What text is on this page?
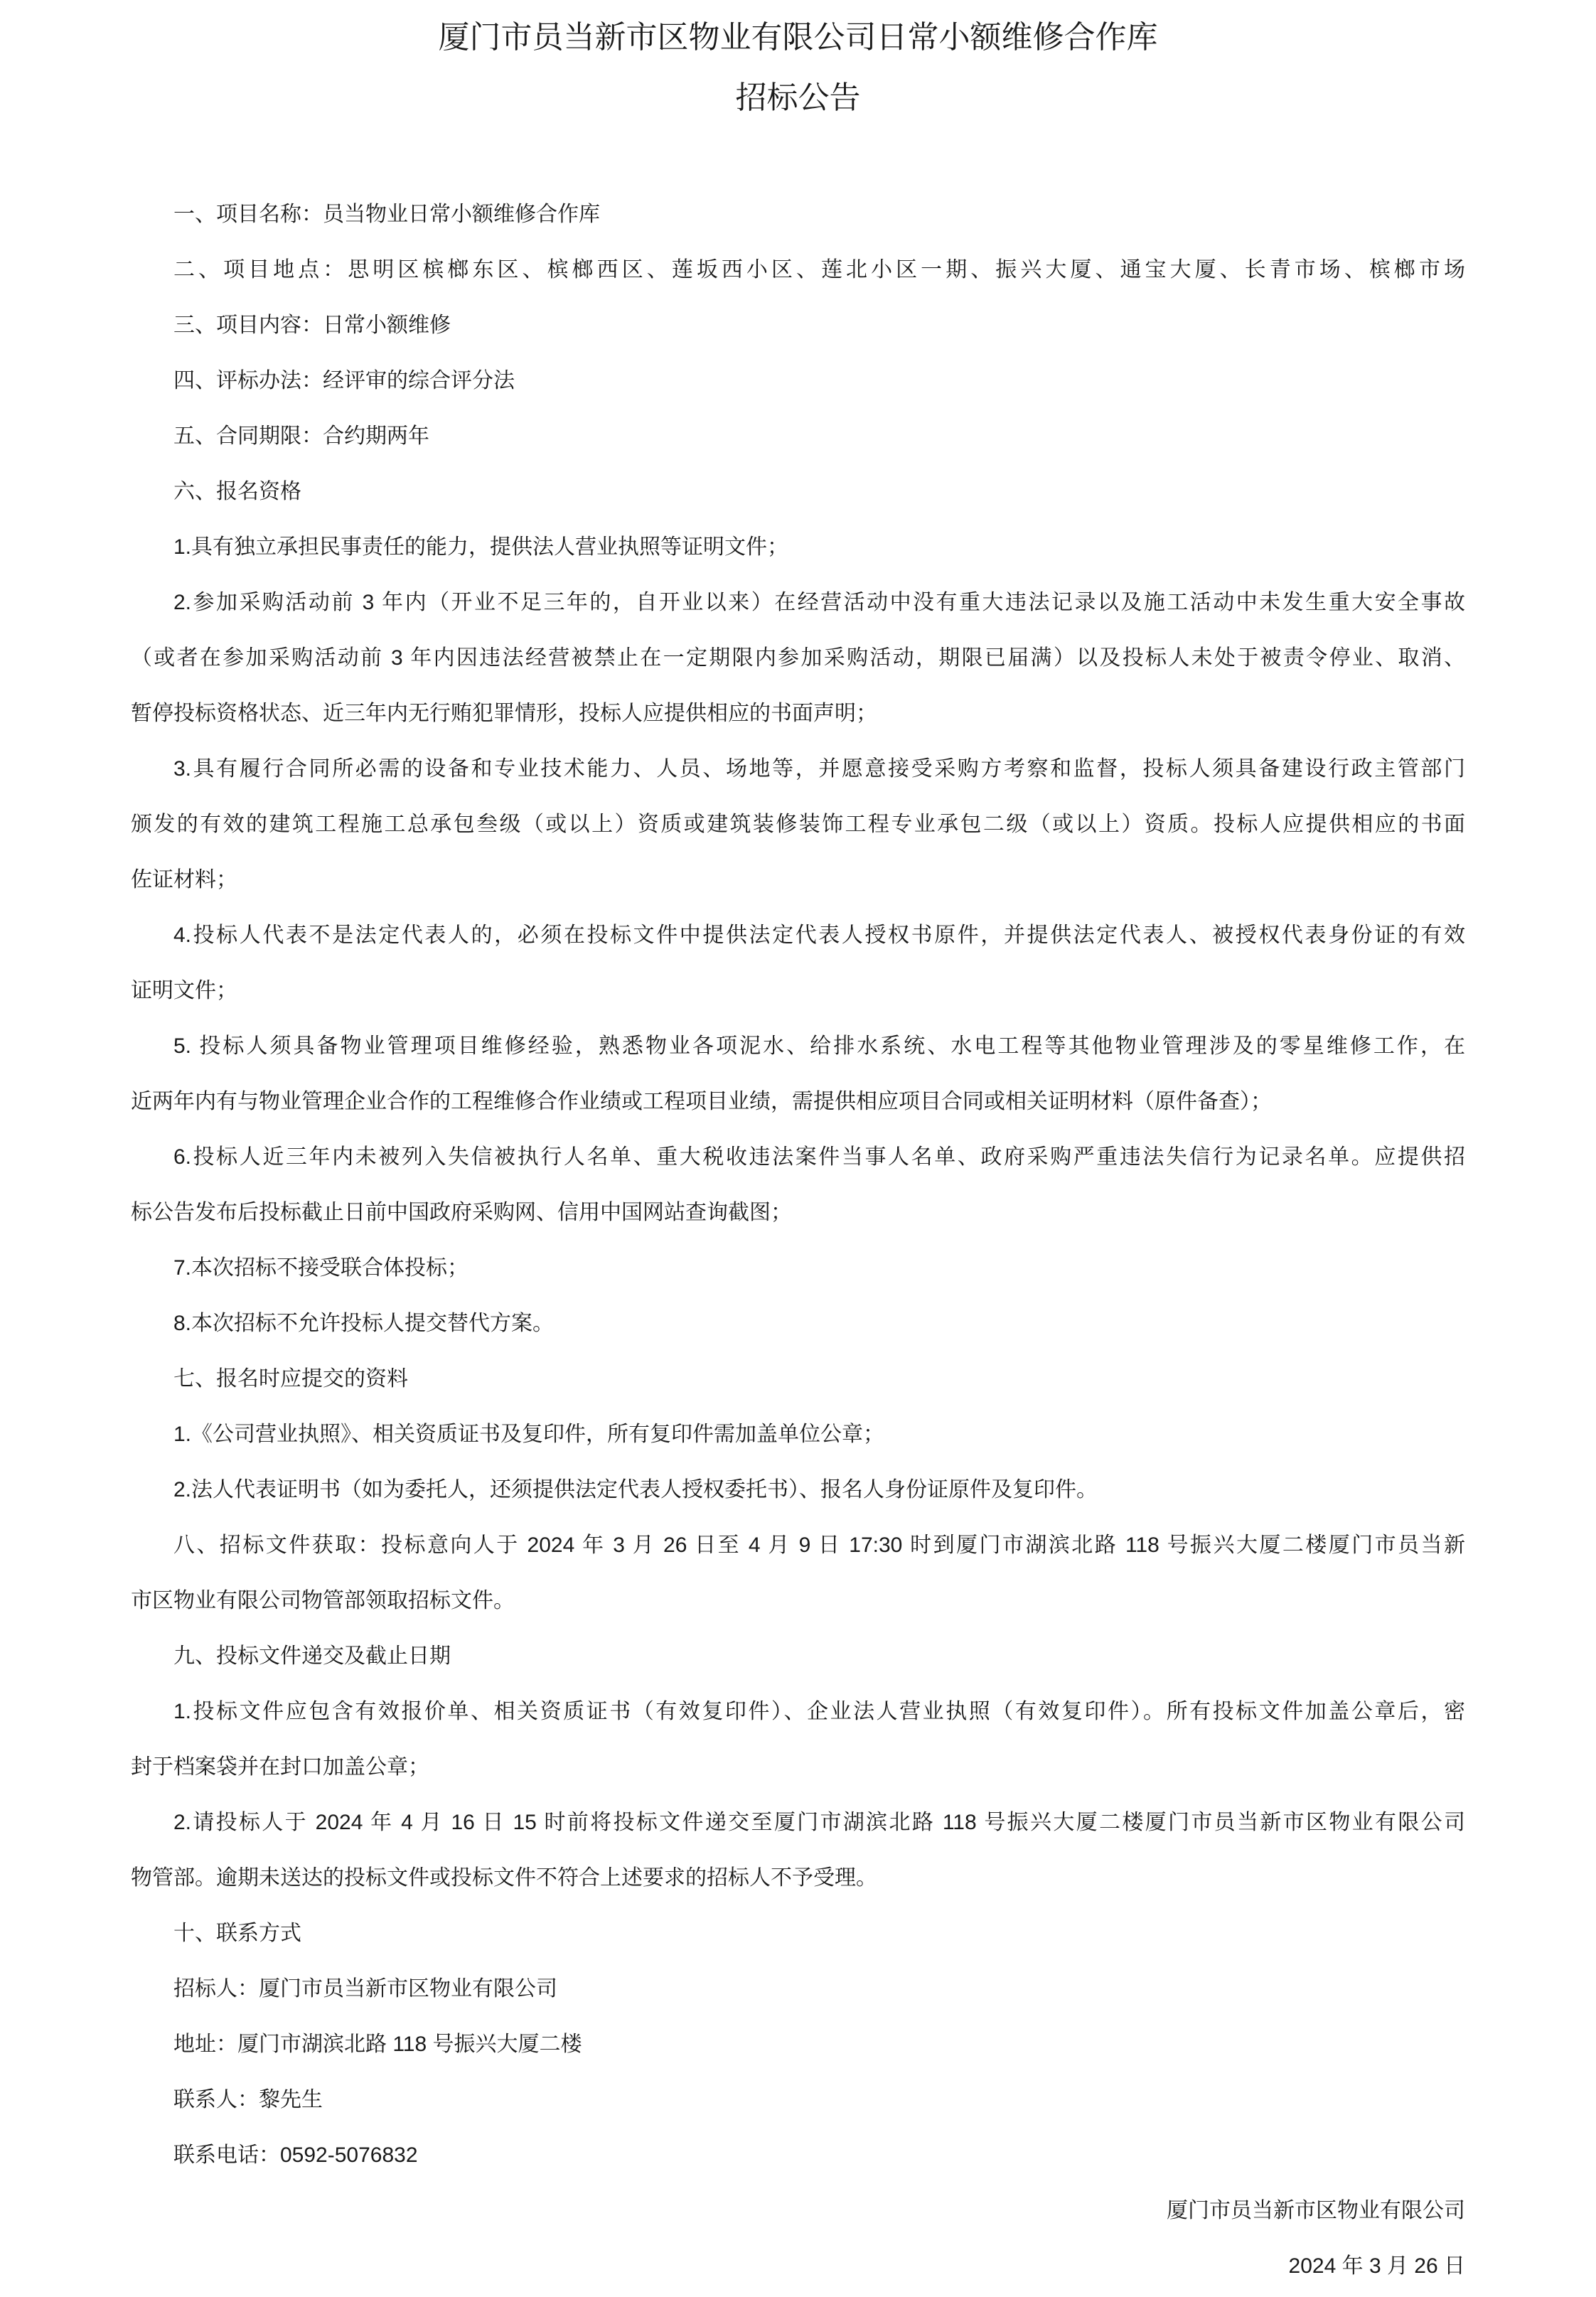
厦门市员当新市区物业有限公司日常小额维修合作库
招标公告
一、项目名称：员当物业日常小额维修合作库
二、项目地点：思明区槟榔东区、槟榔西区、莲坂西小区、莲北小区一期、振兴大厦、通宝大厦、长青市场、槟榔市场
三、项目内容：日常小额维修
四、评标办法：经评审的综合评分法
五、合同期限：合约期两年
六、报名资格
1.具有独立承担民事责任的能力，提供法人营业执照等证明文件；
2.参加采购活动前 3 年内（开业不足三年的，自开业以来）在经营活动中没有重大违法记录以及施工活动中未发生重大安全事故
（或者在参加采购活动前 3 年内因违法经营被禁止在一定期限内参加采购活动，期限已届满）以及投标人未处于被责令停业、取消、
暂停投标资格状态、近三年内无行贿犯罪情形，投标人应提供相应的书面声明；
3.具有履行合同所必需的设备和专业技术能力、人员、场地等，并愿意接受采购方考察和监督，投标人须具备建设行政主管部门
颁发的有效的建筑工程施工总承包叁级（或以上）资质或建筑装修装饰工程专业承包二级（或以上）资质。投标人应提供相应的书面
佐证材料；
4.投标人代表不是法定代表人的，必须在投标文件中提供法定代表人授权书原件，并提供法定代表人、被授权代表身份证的有效
证明文件；
5. 投标人须具备物业管理项目维修经验，熟悉物业各项泥水、给排水系统、水电工程等其他物业管理涉及的零星维修工作，在
近两年内有与物业管理企业合作的工程维修合作业绩或工程项目业绩，需提供相应项目合同或相关证明材料（原件备查）；
6.投标人近三年内未被列入失信被执行人名单、重大税收违法案件当事人名单、政府采购严重违法失信行为记录名单。应提供招
标公告发布后投标截止日前中国政府采购网、信用中国网站查询截图；
7.本次招标不接受联合体投标；
8.本次招标不允许投标人提交替代方案。
七、报名时应提交的资料
1.《公司营业执照》、相关资质证书及复印件，所有复印件需加盖单位公章；
2.法人代表证明书（如为委托人，还须提供法定代表人授权委托书）、报名人身份证原件及复印件。
八、招标文件获取：投标意向人于 2024 年 3 月 26 日至 4 月 9 日 17:30 时到厦门市湖滨北路 118 号振兴大厦二楼厦门市员当新
市区物业有限公司物管部领取招标文件。
九、投标文件递交及截止日期
1.投标文件应包含有效报价单、相关资质证书（有效复印件）、企业法人营业执照（有效复印件）。所有投标文件加盖公章后，密
封于档案袋并在封口加盖公章；
2.请投标人于 2024 年 4 月 16 日 15 时前将投标文件递交至厦门市湖滨北路 118 号振兴大厦二楼厦门市员当新市区物业有限公司
物管部。逾期未送达的投标文件或投标文件不符合上述要求的招标人不予受理。
十、联系方式
招标人：厦门市员当新市区物业有限公司
地址：厦门市湖滨北路 118 号振兴大厦二楼
联系人：黎先生
联系电话：0592-5076832
厦门市员当新市区物业有限公司
2024 年 3 月 26 日
